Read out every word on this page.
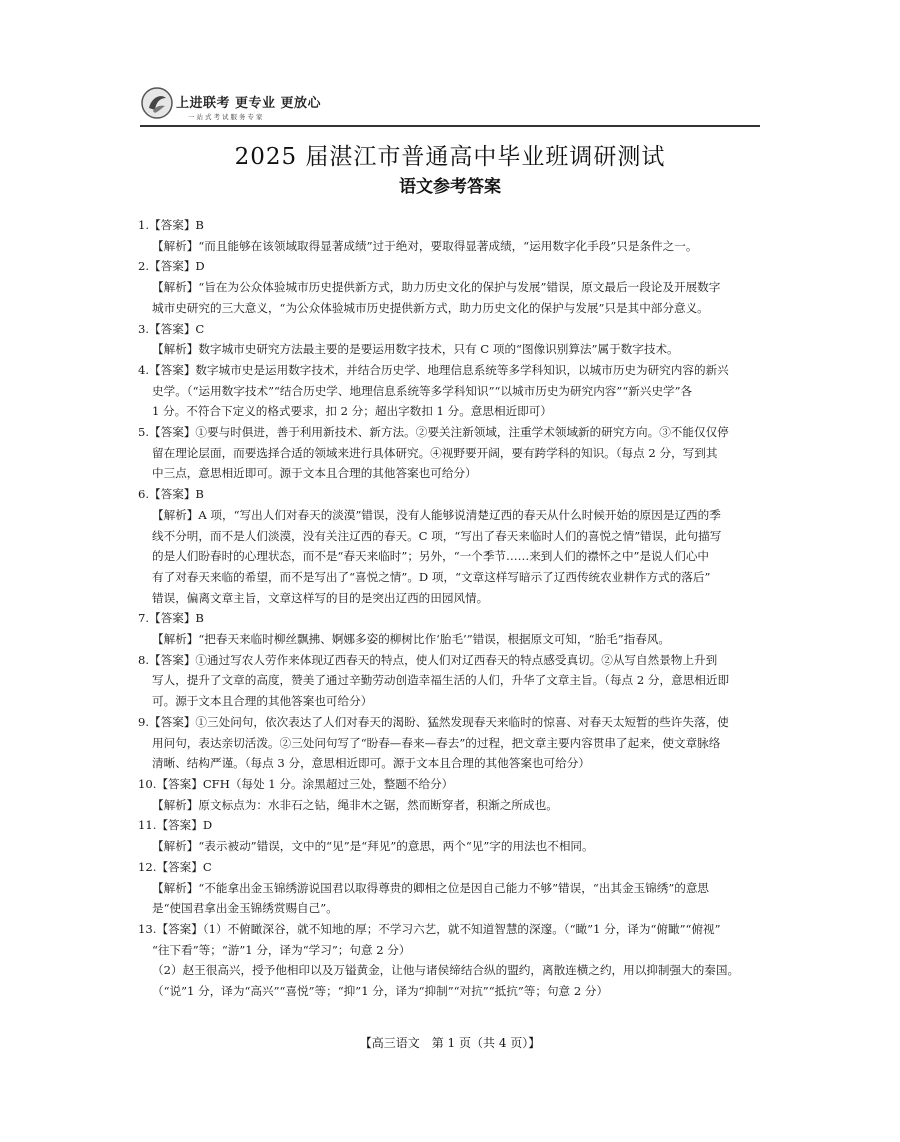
上进联考 更专业 更放心
一站式考试服务专家
2025 届湛江市普通高中毕业班调研测试
语文参考答案
1.【答案】B
【解析】“而且能够在该领域取得显著成绩”过于绝对，要取得显著成绩，“运用数字化手段”只是条件之一。
2.【答案】D
【解析】“旨在为公众体验城市历史提供新方式，助力历史文化的保护与发展”错误，原文最后一段论及开展数字
城市史研究的三大意义，“为公众体验城市历史提供新方式，助力历史文化的保护与发展”只是其中部分意义。
3.【答案】C
【解析】数字城市史研究方法最主要的是要运用数字技术，只有 C 项的“图像识别算法”属于数字技术。
4.【答案】数字城市史是运用数字技术，并结合历史学、地理信息系统等多学科知识，以城市历史为研究内容的新兴
史学。（“运用数字技术”“结合历史学、地理信息系统等多学科知识”“以城市历史为研究内容”“新兴史学”各
1 分。不符合下定义的格式要求，扣 2 分；超出字数扣 1 分。意思相近即可）
5.【答案】①要与时俱进，善于利用新技术、新方法。②要关注新领域，注重学术领域新的研究方向。③不能仅仅停
留在理论层面，而要选择合适的领域来进行具体研究。④视野要开阔，要有跨学科的知识。（每点 2 分，写到其
中三点，意思相近即可。源于文本且合理的其他答案也可给分）
6.【答案】B
【解析】A 项，“写出人们对春天的淡漠”错误，没有人能够说清楚辽西的春天从什么时候开始的原因是辽西的季
线不分明，而不是人们淡漠，没有关注辽西的春天。C 项，“写出了春天来临时人们的喜悦之情”错误，此句描写
的是人们盼春时的心理状态，而不是“春天来临时”；另外，“一个季节……来到人们的襟怀之中”是说人们心中
有了对春天来临的希望，而不是写出了“喜悦之情”。D 项，“文章这样写暗示了辽西传统农业耕作方式的落后”
错误，偏离文章主旨，文章这样写的目的是突出辽西的田园风情。
7.【答案】B
【解析】“把春天来临时柳丝飘拂、婀娜多姿的柳树比作‘胎毛’”错误，根据原文可知，“胎毛”指春风。
8.【答案】①通过写农人劳作来体现辽西春天的特点，使人们对辽西春天的特点感受真切。②从写自然景物上升到
写人，提升了文章的高度，赞美了通过辛勤劳动创造幸福生活的人们，升华了文章主旨。（每点 2 分，意思相近即
可。源于文本且合理的其他答案也可给分）
9.【答案】①三处问句，依次表达了人们对春天的渴盼、猛然发现春天来临时的惊喜、对春天太短暂的些许失落，使
用问句，表达亲切活泼。②三处问句写了“盼春—春来—春去”的过程，把文章主要内容贯串了起来，使文章脉络
清晰、结构严谨。（每点 3 分，意思相近即可。源于文本且合理的其他答案也可给分）
10.【答案】CFH（每处 1 分。涂黑超过三处，整题不给分）
【解析】原文标点为：水非石之钻，绳非木之锯，然而断穿者，积渐之所成也。
11.【答案】D
【解析】“表示被动”错误，文中的“见”是“拜见”的意思，两个“见”字的用法也不相同。
12.【答案】C
【解析】“不能拿出金玉锦绣游说国君以取得尊贵的卿相之位是因自己能力不够”错误，“出其金玉锦绣”的意思
是“使国君拿出金玉锦绣赏赐自己”。
13.【答案】（1）不俯瞰深谷，就不知地的厚；不学习六艺，就不知道智慧的深邃。（“瞰”1 分，译为“俯瞰”“俯视”
“往下看”等；“游”1 分，译为“学习”；句意 2 分）
（2）赵王很高兴，授予他相印以及万镒黄金，让他与诸侯缔结合纵的盟约，离散连横之约，用以抑制强大的秦国。
（“说”1 分，译为“高兴”“喜悦”等；“抑”1 分，译为“抑制”“对抗”“抵抗”等；句意 2 分）
【高三语文　第 1 页（共 4 页）】
